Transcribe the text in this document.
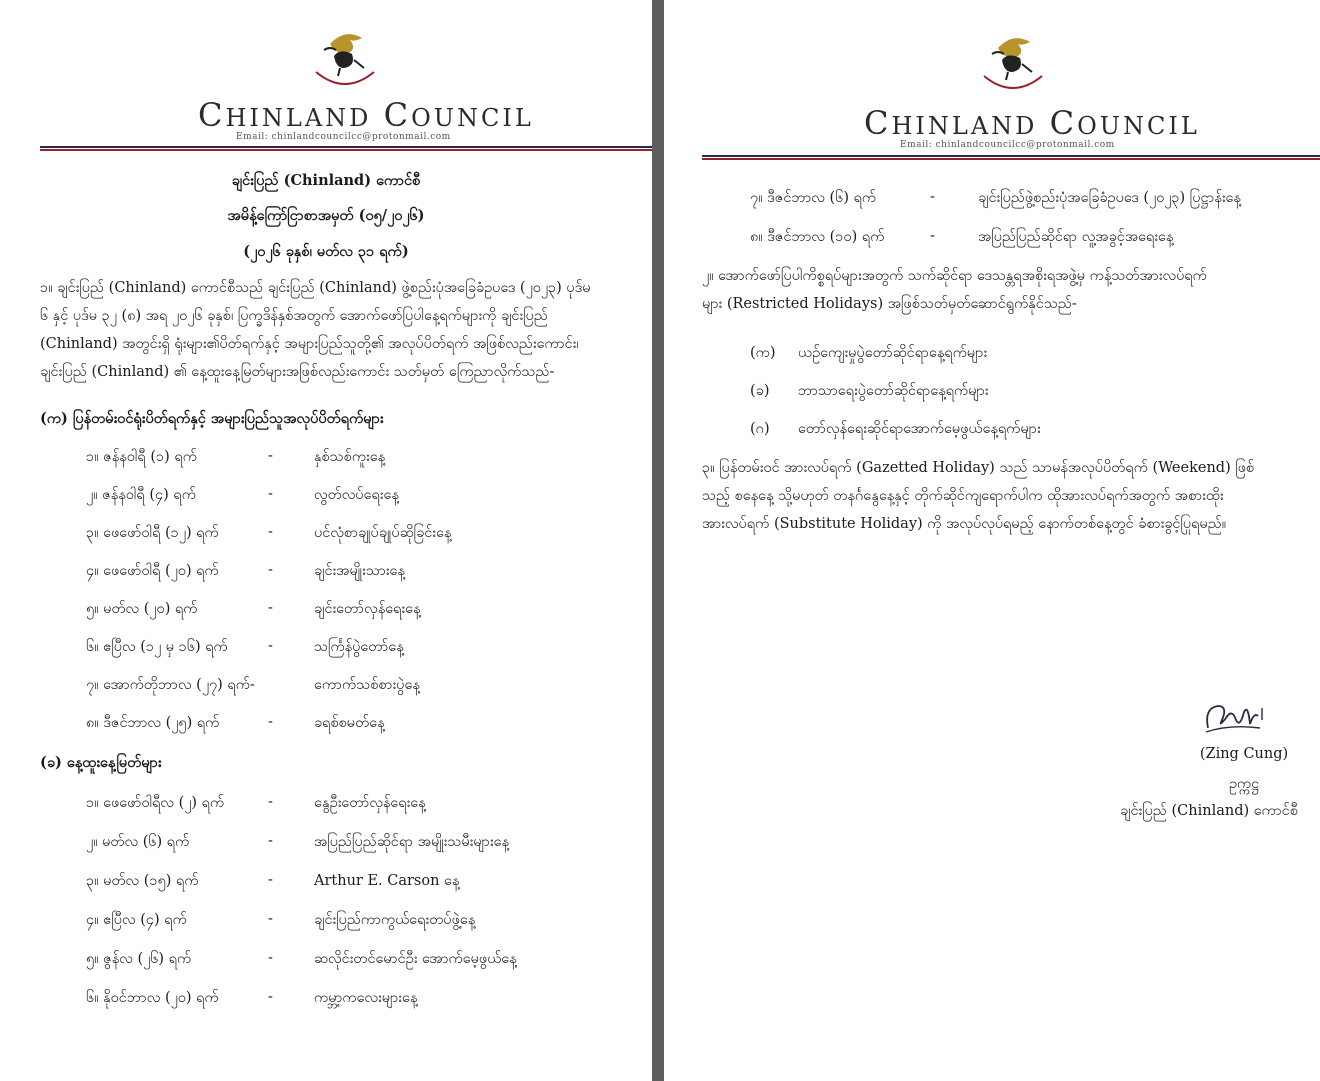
CHINLAND COUNCIL
Email: chinlandcouncilcc@protonmail.com
ချင်းပြည် (Chinland) ကောင်စီ
အမိန့်ကြော်ငြာစာအမှတ် (၀၅/၂၀၂၆)
(၂၀၂၆ ခုနှစ်၊ မတ်လ ၃၁ ရက်)
၁။ ချင်းပြည် (Chinland) ကောင်စီသည် ချင်းပြည် (Chinland) ဖွဲ့စည်းပုံအခြေခံဥပဒေ (၂၀၂၃) ပုဒ်မ
၆ နှင့် ပုဒ်မ ၃၂ (၈) အရ ၂၀၂၆ ခုနှစ်၊ ပြက္ခဒိန်နှစ်အတွက် အောက်ဖော်ပြပါနေ့ရက်များကို ချင်းပြည်
(Chinland) အတွင်းရှိ ရုံးများ၏ပိတ်ရက်နှင့် အများပြည်သူတို့၏ အလုပ်ပိတ်ရက် အဖြစ်လည်းကောင်း၊
ချင်းပြည် (Chinland) ၏ နေ့ထူးနေ့မြတ်များအဖြစ်လည်းကောင်း သတ်မှတ် ကြေညာလိုက်သည်-
(က) ပြန်တမ်းဝင်ရုံးပိတ်ရက်နှင့် အများပြည်သူအလုပ်ပိတ်ရက်များ
၁။ ဇန်နဝါရီ (၁) ရက်	-	နှစ်သစ်ကူးနေ့
၂။ ဇန်နဝါရီ (၄) ရက်	-	လွတ်လပ်ရေးနေ့
၃။ ဖေဖော်ဝါရီ (၁၂) ရက်	-	ပင်လုံစာချုပ်ချုပ်ဆိုခြင်းနေ့
၄။ ဖေဖော်ဝါရီ (၂၀) ရက်	-	ချင်းအမျိုးသားနေ့
၅။ မတ်လ (၂၀) ရက်	-	ချင်းတော်လှန်ရေးနေ့
၆။ ဧပြီလ (၁၂ မှ ၁၆) ရက်	-	သင်္ကြန်ပွဲတော်နေ့
၇။ အောက်တိုဘာလ (၂၇) ရက်-	ကောက်သစ်စားပွဲနေ့
၈။ ဒီဇင်ဘာလ (၂၅) ရက်	-	ခရစ်စမတ်နေ့
(ခ) နေ့ထူးနေ့မြတ်များ
၁။ ဖေဖော်ဝါရီလ (၂) ရက်	-	နွေဦးတော်လှန်ရေးနေ့
၂။ မတ်လ (၆) ရက်	-	အပြည်ပြည်ဆိုင်ရာ အမျိုးသမီးများနေ့
၃။ မတ်လ (၁၅) ရက်	-	Arthur E. Carson နေ့
၄။ ဧပြီလ (၄) ရက်	-	ချင်းပြည်ကာကွယ်ရေးတပ်ဖွဲ့နေ့
၅။ ဇွန်လ (၂၆) ရက်	-	ဆလိုင်းတင်မောင်ဦး အောက်မေ့ဖွယ်နေ့
၆။ နိုဝင်ဘာလ (၂၀) ရက်	-	ကမ္ဘာ့ကလေးများနေ့
CHINLAND COUNCIL
Email: chinlandcouncilcc@protonmail.com
၇။ ဒီဇင်ဘာလ (၆) ရက်	-	ချင်းပြည်ဖွဲ့စည်းပုံအခြေခံဥပဒေ (၂၀၂၃) ပြဋ္ဌာန်းနေ့
၈။ ဒီဇင်ဘာလ (၁၀) ရက်	-	အပြည်ပြည်ဆိုင်ရာ လူ့အခွင့်အရေးနေ့
၂။ အောက်ဖော်ပြပါကိစ္စရပ်များအတွက် သက်ဆိုင်ရာ ဒေသန္တရအစိုးရအဖွဲ့မှ ကန့်သတ်အားလပ်ရက်
များ (Restricted Holidays) အဖြစ်သတ်မှတ်ဆောင်ရွက်နိုင်သည်-
(က) ယဉ်ကျေးမှုပွဲတော်ဆိုင်ရာနေ့ရက်များ
(ခ) ဘာသာရေးပွဲတော်ဆိုင်ရာနေ့ရက်များ
(ဂ) တော်လှန်ရေးဆိုင်ရာအောက်မေ့ဖွယ်နေ့ရက်များ
၃။ ပြန်တမ်းဝင် အားလပ်ရက် (Gazetted Holiday) သည် သာမန်အလုပ်ပိတ်ရက် (Weekend) ဖြစ်
သည့် စနေနေ့ သို့မဟုတ် တနင်္ဂနွေနေ့နှင့် တိုက်ဆိုင်ကျရောက်ပါက ထိုအားလပ်ရက်အတွက် အစားထိုး
အားလပ်ရက် (Substitute Holiday) ကို အလုပ်လုပ်ရမည့် နောက်တစ်နေ့တွင် ခံစားခွင့်ပြုရမည်။
(Zing Cung)
ဥက္ကဋ္ဌ
ချင်းပြည် (Chinland) ကောင်စီ
